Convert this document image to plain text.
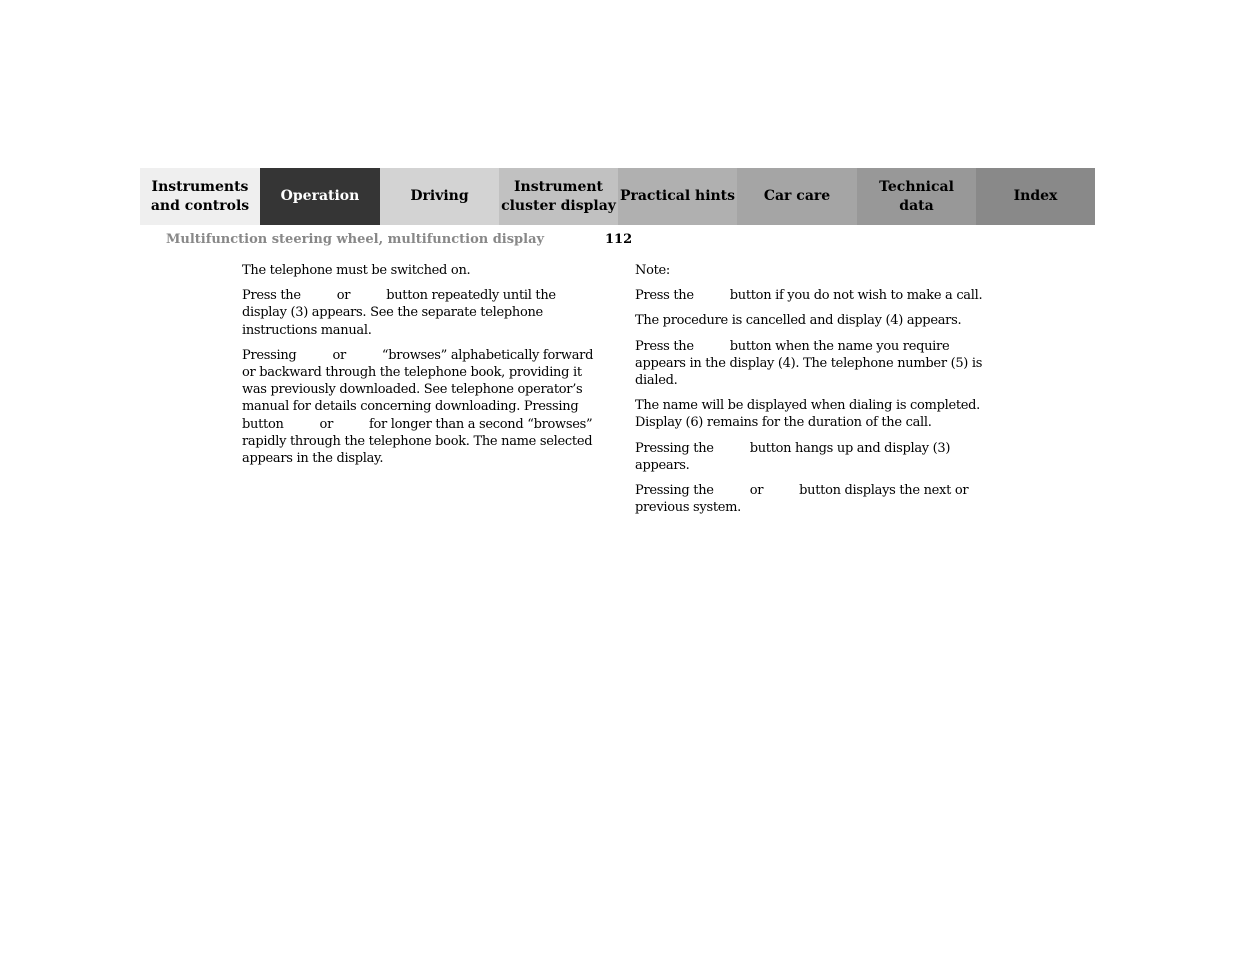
Instruments
and controls
Operation	Driving
Instrument
cluster display
Practical hints	Car care
Technical
data
Index
Multifunction steering wheel, multifunction display	112

The telephone must be switched on.

Press the	or	button repeatedly until the display (3) appears. See the separate telephone instructions manual.

Pressing	or	“browses” alphabetically forward or backward through the telephone book, providing it was previously downloaded. See telephone operator’s manual for details concerning downloading. Pressing button	or	for longer than a second “browses” rapidly through the telephone book. The name selected appears in the display.

Note:

Press the	button if you do not wish to make a call.

The procedure is cancelled and display (4) appears.

Press the	button when the name you require appears in the display (4). The telephone number (5) is dialed.

The name will be displayed when dialing is completed. Display (6) remains for the duration of the call.

Pressing the	button hangs up and display (3) appears.

Pressing the	or	button displays the next or previous system.
